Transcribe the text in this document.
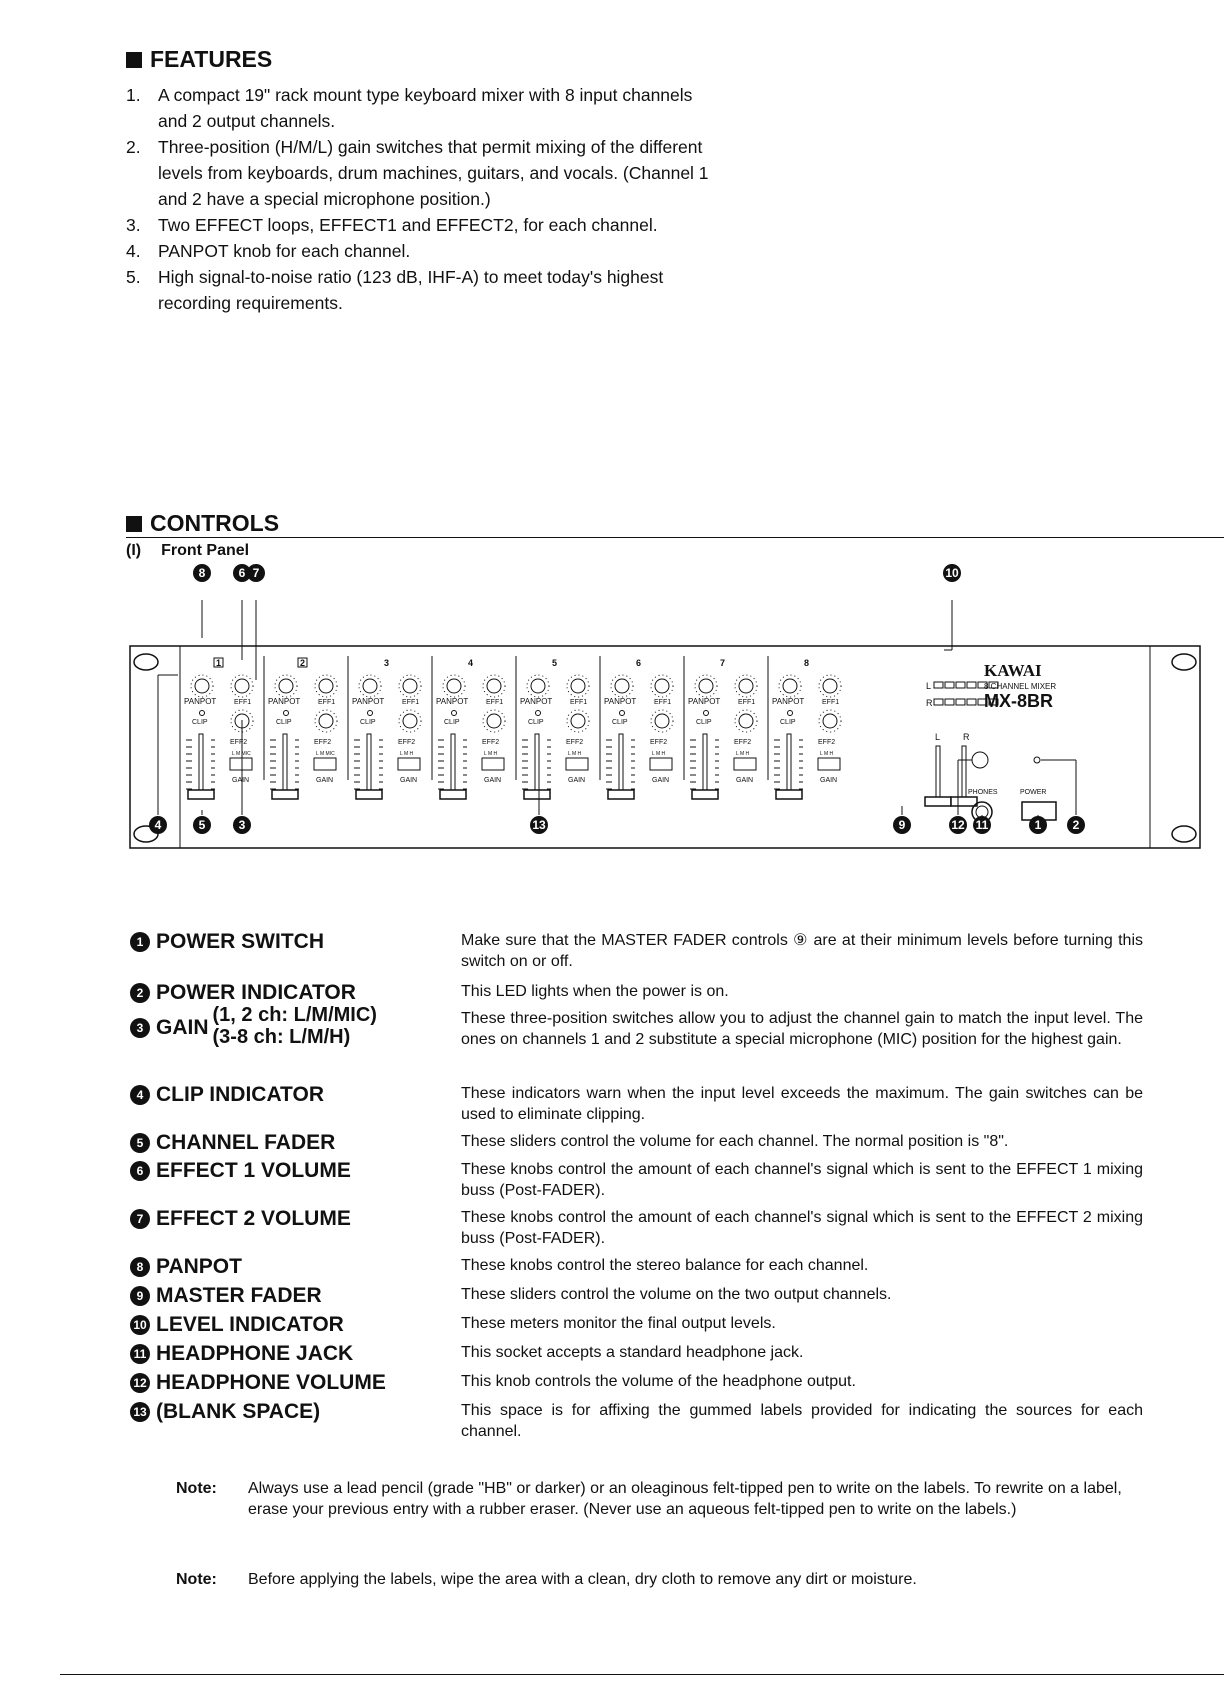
FEATURES
1. A compact 19" rack mount type keyboard mixer with 8 input channels and 2 output channels.
2. Three-position (H/M/L) gain switches that permit mixing of the different levels from keyboards, drum machines, guitars, and vocals. (Channel 1 and 2 have a special microphone position.)
3. Two EFFECT loops, EFFECT1 and EFFECT2, for each channel.
4. PANPOT knob for each channel.
5. High signal-to-noise ratio (123 dB, IHF-A) to meet today's highest recording requirements.
CONTROLS
(I) Front Panel
1
PANPOT	EFF1
CLIP
EFF2
L M MIC
GAIN
2
PANPOT	EFF1
CLIP
EFF2
L M MIC
GAIN
3
PANPOT	EFF1
CLIP
EFF2
L M H
GAIN
4
PANPOT	EFF1
CLIP
EFF2
L M H
GAIN
5
PANPOT	EFF1
CLIP
EFF2
L M H
GAIN
6
PANPOT	EFF1
CLIP
EFF2
L M H
GAIN
7
PANPOT	EFF1
CLIP
EFF2
L M H
GAIN
8
PANPOT	EFF1
CLIP
EFF2
L M H
GAIN
L
R
L	R
PHONES	POWER
KAWAI
8 CHANNEL MIXER
MX-8BR
8	6 7	10
4	5	3	13	9	12 11	1	2
1 POWER SWITCH	Make sure that the MASTER FADER controls ⑨ are at their minimum levels before turning this switch on or off.
2 POWER INDICATOR	This LED lights when the power is on.
3 GAIN
(1, 2 ch: L/M/MIC)
(3-8 ch: L/M/H)
These three-position switches allow you to adjust the channel gain to match the input level. The ones on channels 1 and 2 substitute a special microphone (MIC) position for the highest gain.
4 CLIP INDICATOR	These indicators warn when the input level exceeds the maximum. The gain switches can be used to eliminate clipping.
5 CHANNEL FADER	These sliders control the volume for each channel. The normal position is "8".
6 EFFECT 1 VOLUME	These knobs control the amount of each channel's signal which is sent to the EFFECT 1 mixing buss (Post-FADER).
7 EFFECT 2 VOLUME	These knobs control the amount of each channel's signal which is sent to the EFFECT 2 mixing buss (Post-FADER).
8 PANPOT	These knobs control the stereo balance for each channel.
9 MASTER FADER	These sliders control the volume on the two output channels.
10 LEVEL INDICATOR	These meters monitor the final output levels.
11 HEADPHONE JACK	This socket accepts a standard headphone jack.
12 HEADPHONE VOLUME	This knob controls the volume of the headphone output.
13 (BLANK SPACE)	This space is for affixing the gummed labels provided for indicating the sources for each channel.
Note: Always use a lead pencil (grade "HB" or darker) or an oleaginous felt-tipped pen to write on the labels. To rewrite on a label, erase your previous entry with a rubber eraser. (Never use an aqueous felt-tipped pen to write on the labels.)
Note: Before applying the labels, wipe the area with a clean, dry cloth to remove any dirt or moisture.
